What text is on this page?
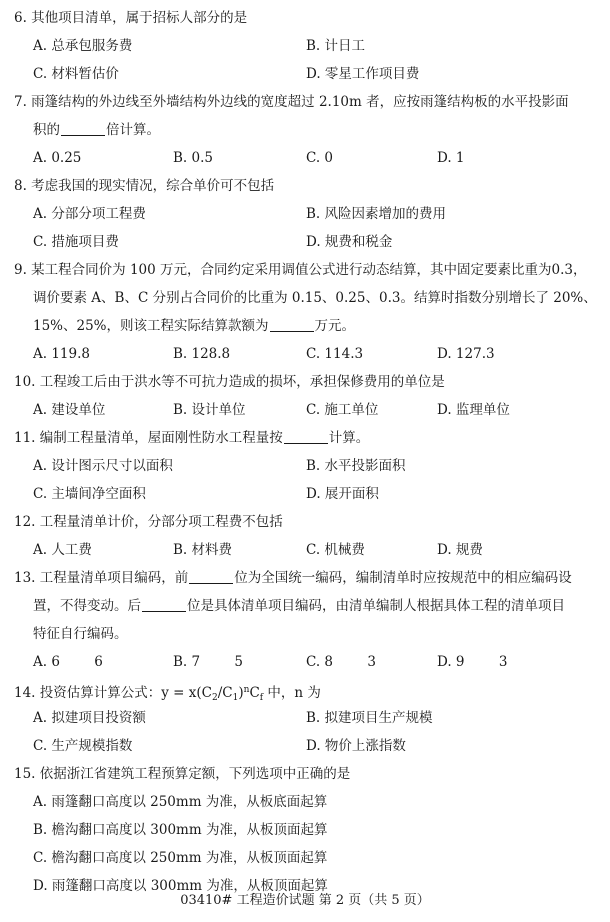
6. 其他项目清单，属于招标人部分的是
A. 总承包服务费	B. 计日工
C. 材料暂估价	D. 零星工作项目费
7. 雨篷结构的外边线至外墙结构外边线的宽度超过 2.10m 者，应按雨篷结构板的水平投影面
积的	倍计算。
A. 0.25	B. 0.5	C. 0	D. 1
8. 考虑我国的现实情况，综合单价可不包括
A. 分部分项工程费	B. 风险因素增加的费用
C. 措施项目费	D. 规费和税金
9. 某工程合同价为 100 万元，合同约定采用调值公式进行动态结算，其中固定要素比重为0.3，
调价要素 A、B、C 分别占合同价的比重为 0.15、0.25、0.3。结算时指数分别增长了 20%、
15%、25%，则该工程实际结算款额为	万元。
A. 119.8	B. 128.8	C. 114.3	D. 127.3
10. 工程竣工后由于洪水等不可抗力造成的损坏，承担保修费用的单位是
A. 建设单位	B. 设计单位	C. 施工单位	D. 监理单位
11. 编制工程量清单，屋面刚性防水工程量按	计算。
A. 设计图示尺寸以面积	B. 水平投影面积
C. 主墙间净空面积	D. 展开面积
12. 工程量清单计价，分部分项工程费不包括
A. 人工费	B. 材料费	C. 机械费	D. 规费
13. 工程量清单项目编码，前	位为全国统一编码，编制清单时应按规范中的相应编码设
置，不得变动。后	位是具体清单项目编码，由清单编制人根据具体工程的清单项目
特征自行编码。
A. 6        6	B. 7        5	C. 8        3	D. 9        3
14. 投资估算计算公式：$y = x(C_2/C_1)^nC_f$ 中，n 为
A. 拟建项目投资额	B. 拟建项目生产规模
C. 生产规模指数	D. 物价上涨指数
15. 依据浙江省建筑工程预算定额，下列选项中正确的是
A. 雨篷翻口高度以 250mm 为准，从板底面起算
B. 檐沟翻口高度以 300mm 为准，从板顶面起算
C. 檐沟翻口高度以 250mm 为准，从板顶面起算
D. 雨篷翻口高度以 300mm 为准，从板顶面起算
03410# 工程造价试题 第 2 页（共 5 页）
